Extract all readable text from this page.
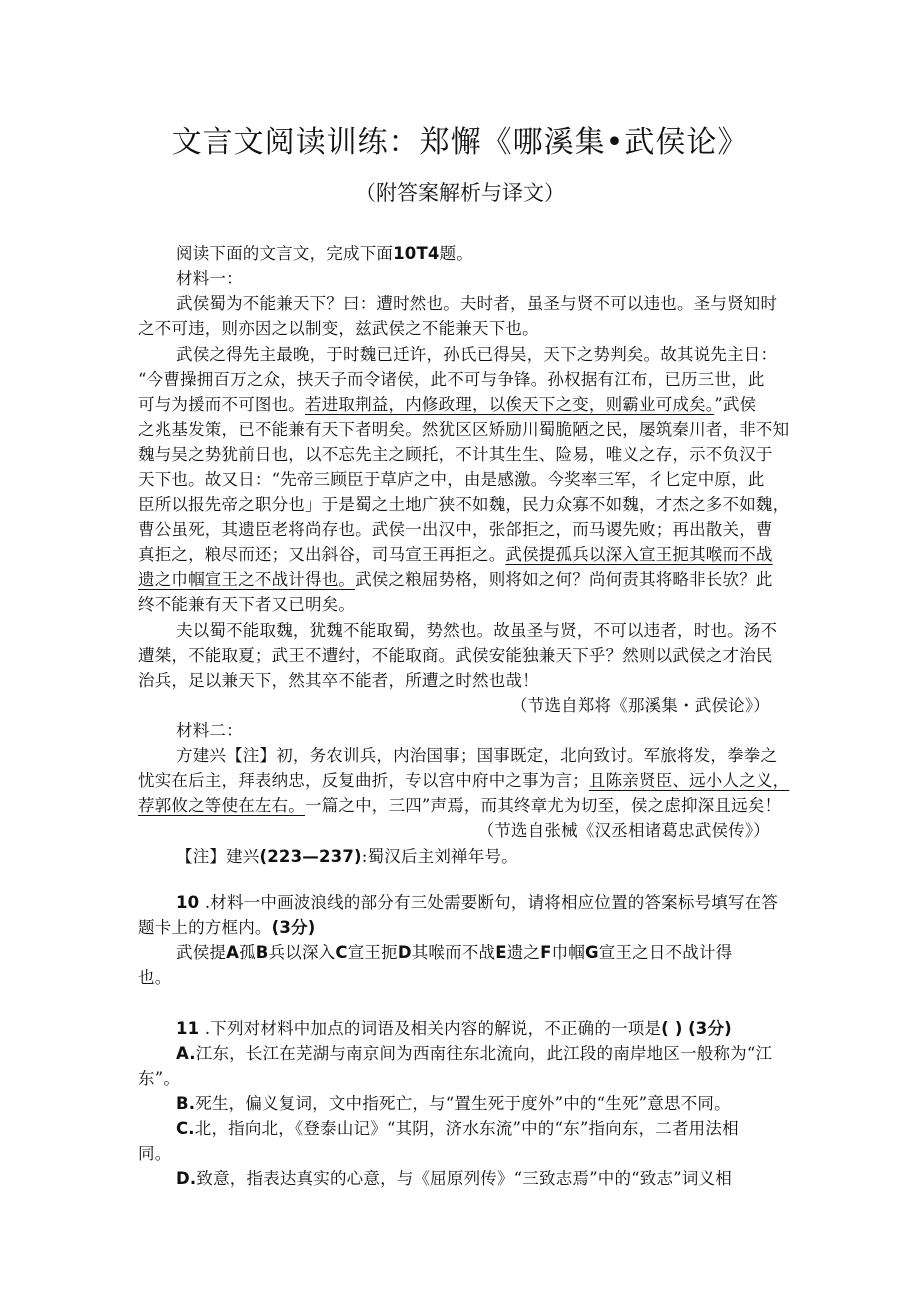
文言文阅读训练：郑懈《哪溪集•武侯论》
（附答案解析与译文）
阅读下面的文言文，完成下面10T4题。
材料一：
武侯蜀为不能兼天下？曰：遭时然也。夫时者，虽圣与贤不可以违也。圣与贤知时
之不可违，则亦因之以制变，兹武侯之不能兼天下也。
武侯之得先主最晚，于时魏已迁许，孙氏已得吴，天下之势判矣。故其说先主日：
“今曹操拥百万之众，挟天子而令诸侯，此不可与争锋。孙权据有江布，已历三世，此
可与为援而不可图也。若进取荆益，内修政理，以俟天下之变，则霸业可成矣。”武侯
之兆基发策，已不能兼有天下者明矣。然犹区区矫励川蜀脆陋之民，屡筑秦川者，非不知
魏与吴之势犹前日也，以不忘先主之顾托，不计其生生、险易，唯义之存，示不负汉于
天下也。故又日：“先帝三顾臣于草庐之中，由是感激。今奖率三军，彳匕定中原，此
臣所以报先帝之职分也」于是蜀之土地广狭不如魏，民力众寡不如魏，才杰之多不如魏，
曹公虽死，其遗臣老将尚存也。武侯一出汉中，张郃拒之，而马谡先败；再出散关，曹
真拒之，粮尽而还；又出斜谷，司马宣王再拒之。武侯提孤兵以深入宣王扼其喉而不战
遗之巾帼宣王之不战计得也。武侯之粮屈势格，则将如之何？尚何责其将略非长欤？此
终不能兼有天下者又已明矣。
夫以蜀不能取魏，犹魏不能取蜀，势然也。故虽圣与贤，不可以违者，时也。汤不
遭桀，不能取夏；武王不遭纣，不能取商。武侯安能独兼天下乎？然则以武侯之才治民
治兵，足以兼天下，然其卒不能者，所遭之时然也哉！
（节选自郑将《那溪集・武侯论》）
材料二：
方建兴【注】初，务农训兵，内治国事；国事既定，北向致讨。军旅将发，拳拳之
忧实在后主，拜表纳忠，反复曲折，专以宫中府中之事为言；且陈亲贤臣、远小人之义，
荐郭攸之等使在左右。一篇之中，三四”声焉，而其终章尤为切至，侯之虑抑深且远矣！
（节选自张械《汉丞相诸葛忠武侯传》）
【注】建兴(223—237):蜀汉后主刘禅年号。
10 .材料一中画波浪线的部分有三处需要断句，请将相应位置的答案标号填写在答
题卡上的方框内。(3分)
武侯提A孤B兵以深入C宣王扼D其喉而不战E遗之F巾帼G宣王之日不战计得
也。
11 .下列对材料中加点的词语及相关内容的解说，不正确的一项是( ) (3分)
A.江东，长江在芜湖与南京间为西南往东北流向，此江段的南岸地区一般称为“江
东”。
B.死生，偏义复词，文中指死亡，与“置生死于度外”中的“生死”意思不同。
C.北，指向北，《登泰山记》“其阴，济水东流”中的“东”指向东，二者用法相
同。
D.致意，指表达真实的心意，与《屈原列传》“三致志焉”中的“致志”词义相
